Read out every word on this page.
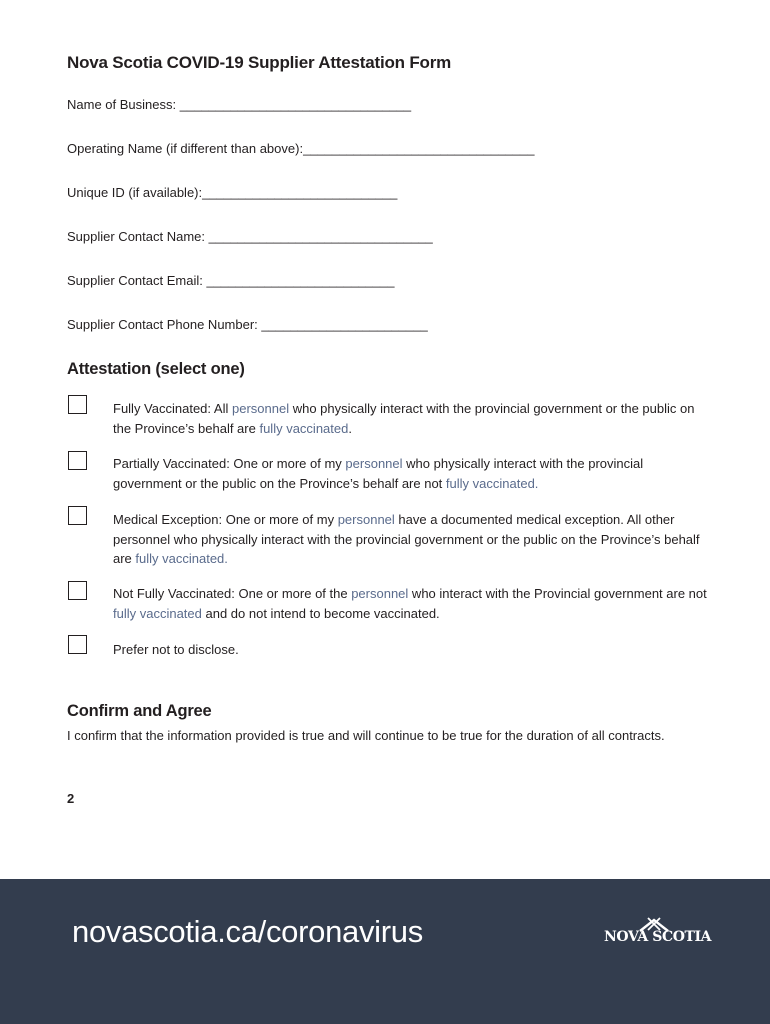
Nova Scotia COVID-19 Supplier Attestation Form
Name of Business: ________________________________
Operating Name (if different than above):________________________________
Unique ID (if available):___________________________
Supplier Contact Name: _______________________________
Supplier Contact Email: __________________________
Supplier Contact Phone Number: _______________________
Attestation (select one)
Fully Vaccinated: All personnel who physically interact with the provincial government or the public on the Province’s behalf are fully vaccinated.
Partially Vaccinated: One or more of my personnel who physically interact with the provincial government or the public on the Province’s behalf are not fully vaccinated.
Medical Exception: One or more of my personnel have a documented medical exception. All other personnel who physically interact with the provincial government or the public on the Province’s behalf are fully vaccinated.
Not Fully Vaccinated: One or more of the personnel who interact with the Provincial government are not fully vaccinated and do not intend to become vaccinated.
Prefer not to disclose.
Confirm and Agree
I confirm that the information provided is true and will continue to be true for the duration of all contracts.
2
novascotia.ca/coronavirus	NOVA SCOTIA
